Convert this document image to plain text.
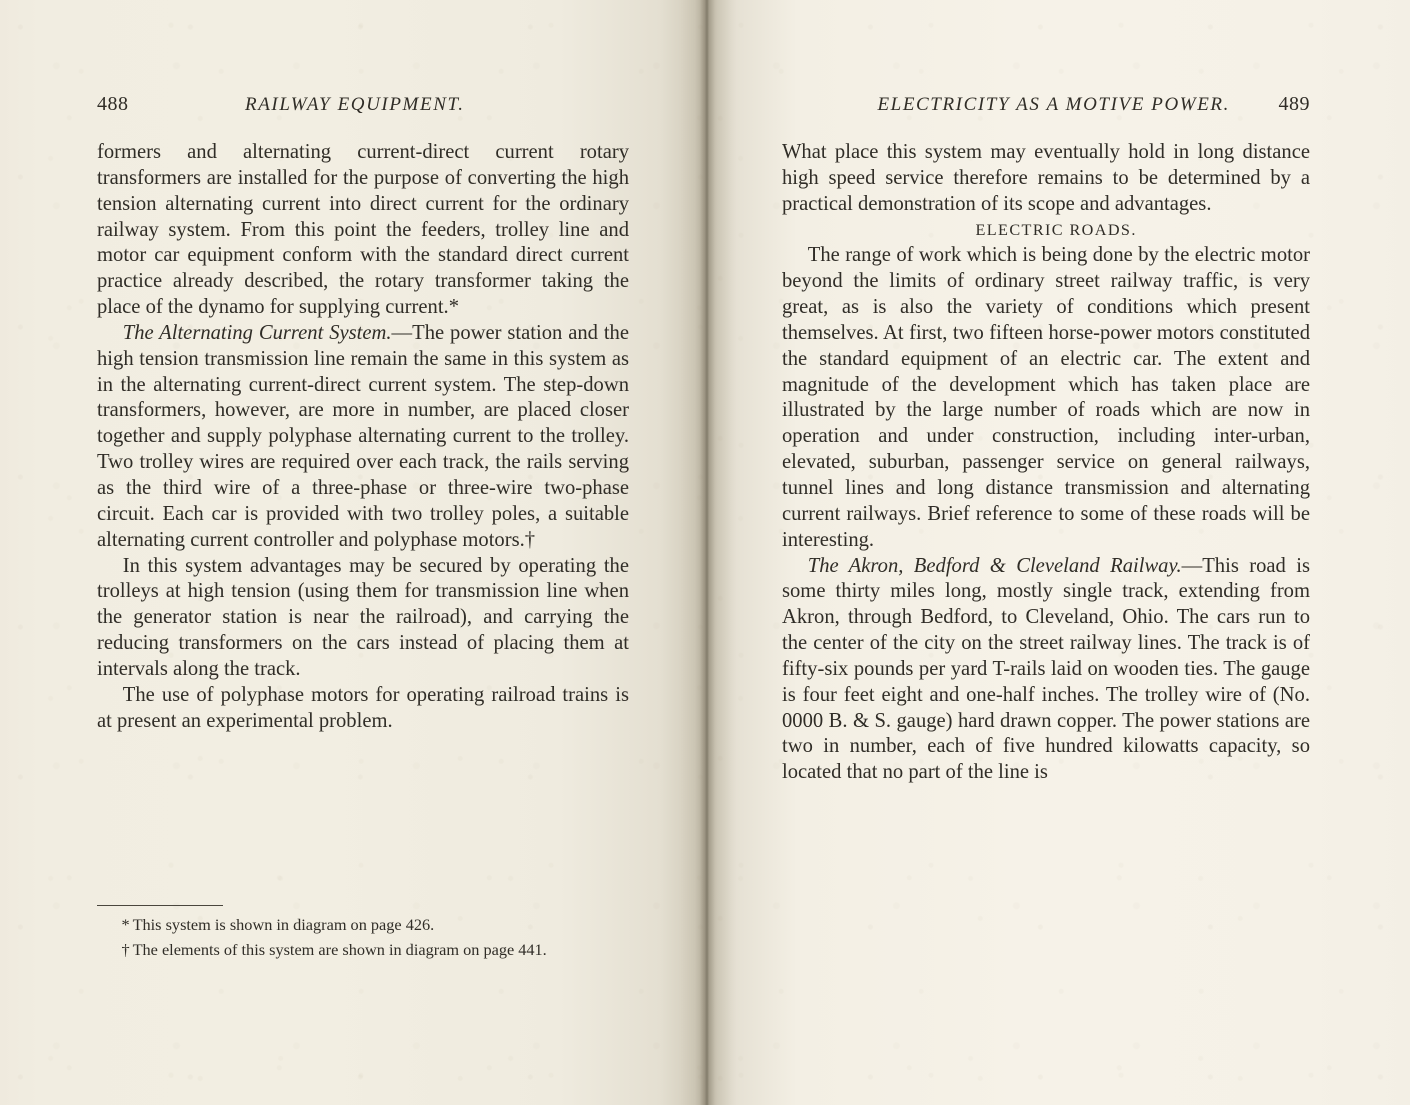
488	RAILWAY EQUIPMENT.

formers and alternating current-direct current rotary transformers are installed for the purpose of converting the high tension alternating current into direct current for the ordinary railway system. From this point the feeders, trolley line and motor car equipment conform with the standard direct current practice already described, the rotary transformer taking the place of the dynamo for supplying current.*

The Alternating Current System.—The power station and the high tension transmission line remain the same in this system as in the alternating current-direct current system. The step-down transformers, however, are more in number, are placed closer together and supply polyphase alternating current to the trolley. Two trolley wires are required over each track, the rails serving as the third wire of a three-phase or three-wire two-phase circuit. Each car is provided with two trolley poles, a suitable alternating current controller and polyphase motors.†

In this system advantages may be secured by operating the trolleys at high tension (using them for transmission line when the generator station is near the railroad), and carrying the reducing transformers on the cars instead of placing them at intervals along the track.

The use of polyphase motors for operating railroad trains is at present an experimental problem.

* This system is shown in diagram on page 426.

† The elements of this system are shown in diagram on page 441.

ELECTRICITY AS A MOTIVE POWER. 489

What place this system may eventually hold in long distance high speed service therefore remains to be determined by a practical demonstration of its scope and advantages.

ELECTRIC ROADS.

The range of work which is being done by the electric motor beyond the limits of ordinary street railway traffic, is very great, as is also the variety of conditions which present themselves. At first, two fifteen horse-power motors constituted the standard equipment of an electric car. The extent and magnitude of the development which has taken place are illustrated by the large number of roads which are now in operation and under construction, including inter-urban, elevated, suburban, passenger service on general railways, tunnel lines and long distance transmission and alternating current railways. Brief reference to some of these roads will be interesting.

The Akron, Bedford & Cleveland Railway.—This road is some thirty miles long, mostly single track, extending from Akron, through Bedford, to Cleveland, Ohio. The cars run to the center of the city on the street railway lines. The track is of fifty-six pounds per yard T-rails laid on wooden ties. The gauge is four feet eight and one-half inches. The trolley wire of (No. 0000 B. & S. gauge) hard drawn copper. The power stations are two in number, each of five hundred kilowatts capacity, so located that no part of the line is
